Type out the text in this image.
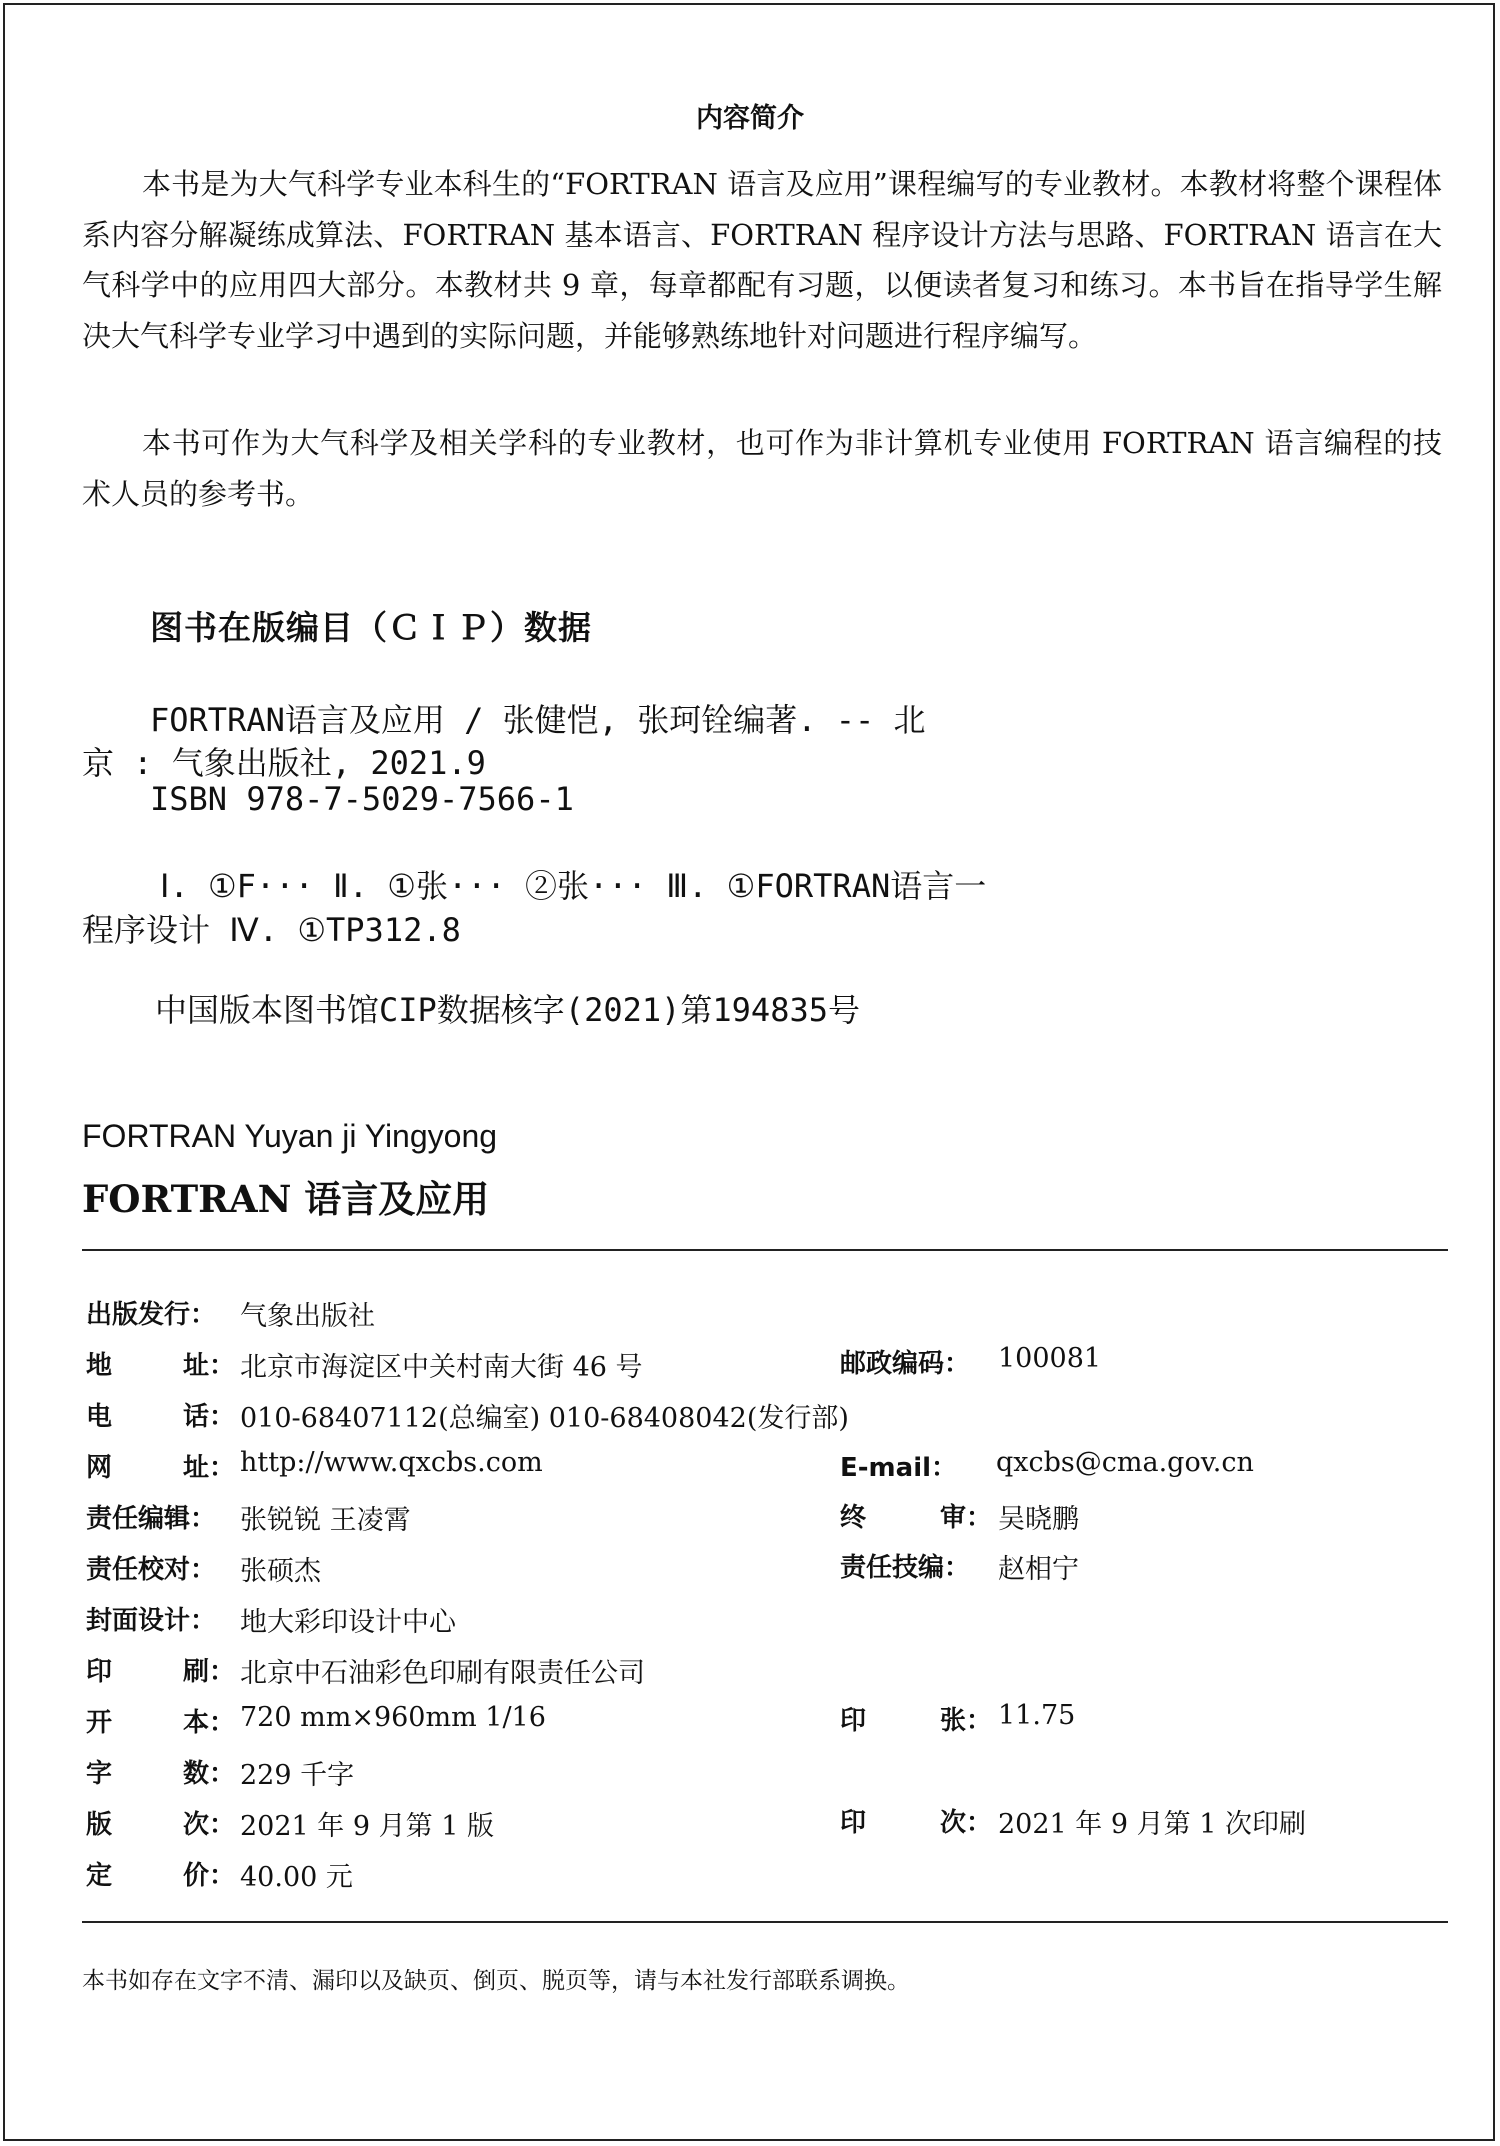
内容简介
本书是为大气科学专业本科生的“FORTRAN 语言及应用”课程编写的专业教材。本教材将整个课程体系内容分解凝练成算法、FORTRAN 基本语言、FORTRAN 程序设计方法与思路、FORTRAN 语言在大气科学中的应用四大部分。本教材共 9 章，每章都配有习题，以便读者复习和练习。本书旨在指导学生解决大气科学专业学习中遇到的实际问题，并能够熟练地针对问题进行程序编写。
本书可作为大气科学及相关学科的专业教材，也可作为非计算机专业使用 FORTRAN 语言编程的技术人员的参考书。
图书在版编目（ＣＩＰ）数据
FORTRAN语言及应用 / 张健恺, 张珂铨编著. -- 北
京 : 气象出版社, 2021.9
ISBN 978-7-5029-7566-1
Ⅰ. ①F··· Ⅱ. ①张··· ②张··· Ⅲ. ①FORTRAN语言一
程序设计 Ⅳ. ①TP312.8
中国版本图书馆CIP数据核字(2021)第194835号
FORTRAN Yuyan ji Yingyong
FORTRAN 语言及应用
出版发行： 气象出版社
地	址： 北京市海淀区中关村南大街 46 号	邮政编码： 100081
电	话： 010-68407112(总编室) 010-68408042(发行部)
网	址： http://www.qxcbs.com	E-mail： qxcbs@cma.gov.cn
责任编辑： 张锐锐 王凌霄	终	审： 吴晓鹏
责任校对： 张硕杰	责任技编： 赵相宁
封面设计： 地大彩印设计中心
印	刷： 北京中石油彩色印刷有限责任公司
开	本： 720 mm×960mm 1/16	印	张： 11.75
字	数： 229 千字
版	次： 2021 年 9 月第 1 版	印	次： 2021 年 9 月第 1 次印刷
定	价： 40.00 元
本书如存在文字不清、漏印以及缺页、倒页、脱页等，请与本社发行部联系调换。
